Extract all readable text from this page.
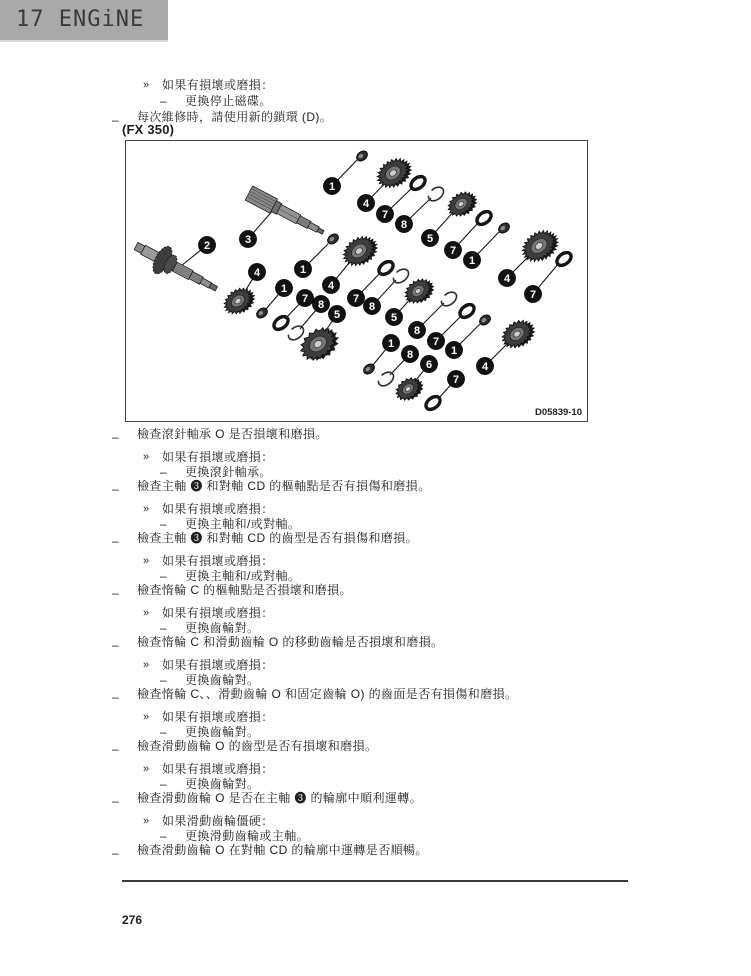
17 ENGiNE
»	如果有損壞或磨損：
–	更換停止磁碟。
–	每次維修時，請使用新的鎖環 (D)。
(FX 350)
1
4
7
8
5
7
1
4
7
2	3
1
4
4
1
7 8
5
7
8
5
8
7
1
4
1
8
6
7
D05839-10
–	檢查滾針軸承 O 是否損壞和磨損。
»	如果有損壞或磨損：
–	更換滾針軸承。
–	檢查主軸 ❸ 和對軸 CD 的樞軸點是否有損傷和磨損。
»	如果有損壞或磨損：
–	更換主軸和/或對軸。
–	檢查主軸 ❸ 和對軸 CD 的齒型是否有損傷和磨損。
»	如果有損壞或磨損：
–	更換主軸和/或對軸。
–	檢查惰輪 C 的樞軸點是否損壞和磨損。
»	如果有損壞或磨損：
–	更換齒輪對。
–	檢查惰輪 C 和滑動齒輪 O 的移動齒輪是否損壞和磨損。
»	如果有損壞或磨損：
–	更換齒輪對。
–	檢查惰輪 C、、滑動齒輪 O 和固定齒輪 O) 的齒面是否有損傷和磨損。
»	如果有損壞或磨損：
–	更換齒輪對。
–	檢查滑動齒輪 O 的齒型是否有損壞和磨損。
»	如果有損壞或磨損：
–	更換齒輪對。
–	檢查滑動齒輪 O 是否在主軸 ❸ 的輪廓中順利運轉。
»	如果滑動齒輪僵硬：
–	更換滑動齒輪或主軸。
–	檢查滑動齒輪 O 在對軸 CD 的輪廓中運轉是否順暢。
276
